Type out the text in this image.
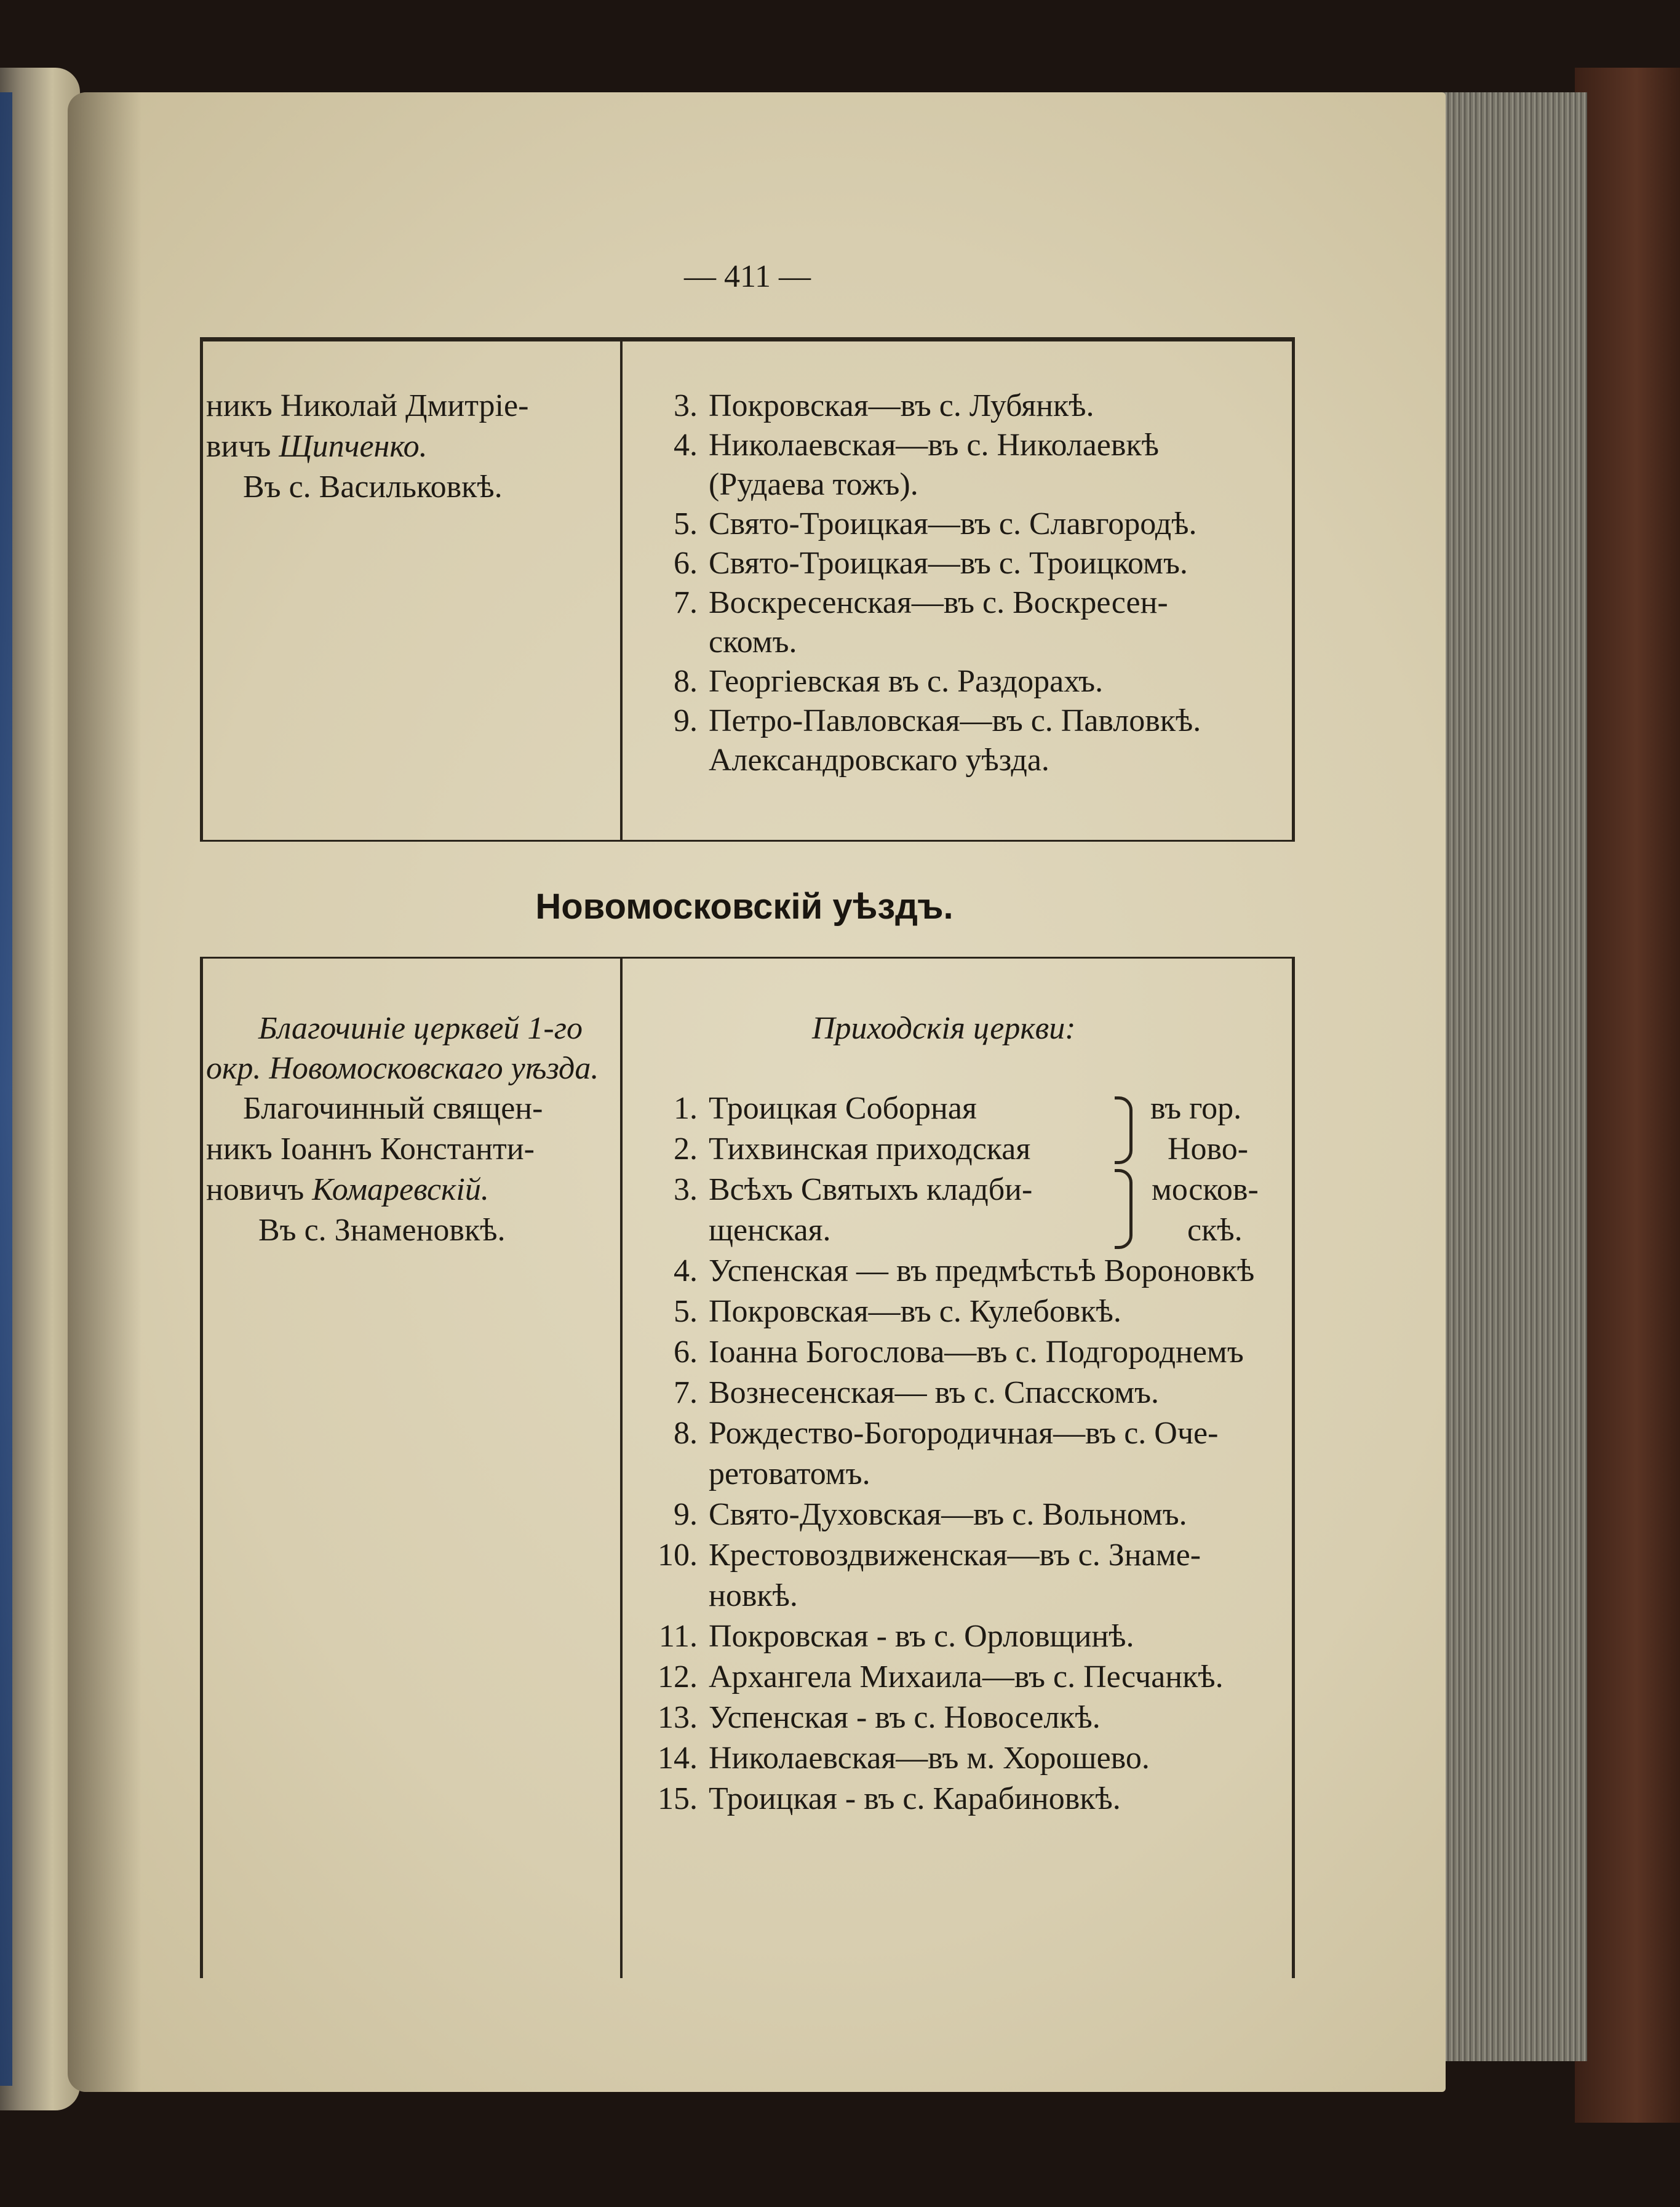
— 411 —
никъ Николай Дмитріе-
вичъ Щипченко.
Въ с. Васильковкѣ.
3. Покровская—въ с. Лубянкѣ.
4. Николаевская—въ с. Николаевкѣ
(Рудаева тожъ).
5. Свято-Троицкая—въ с. Славгородѣ.
6. Свято-Троицкая—въ с. Троицкомъ.
7. Воскресенская—въ с. Воскресен-
скомъ.
8. Георгіевская въ с. Раздорахъ.
9. Петро-Павловская—въ с. Павловкѣ.
Александровскаго уѣзда.
Новомосковскій уѣздъ.
Благочиніе церквей 1-го
окр. Новомосковскаго уѣзда.
Благочинный священ-
никъ Іоаннъ Константи-
новичъ Комаревскій.
Въ с. Знаменовкѣ.
Приходскія церкви:
1. Троицкая Соборная
2. Тихвинская приходская
3. Всѣхъ Святыхъ кладби-
щенская.
въ гор.
Ново-
москов-
скѣ.
4. Успенская — въ предмѣстьѣ Вороновкѣ
5. Покровская—въ с. Кулебовкѣ.
6. Іоанна Богослова—въ с. Подгороднемъ
7. Вознесенская— въ с. Спасскомъ.
8. Рождество-Богородичная—въ с. Оче-
ретоватомъ.
9. Свято-Духовская—въ с. Вольномъ.
10. Крестовоздвиженская—въ с. Знаме-
новкѣ.
11. Покровская - въ с. Орловщинѣ.
12. Архангела Михаила—въ с. Песчанкѣ.
13. Успенская - въ с. Новоселкѣ.
14. Николаевская—въ м. Хорошево.
15. Троицкая - въ с. Карабиновкѣ.
